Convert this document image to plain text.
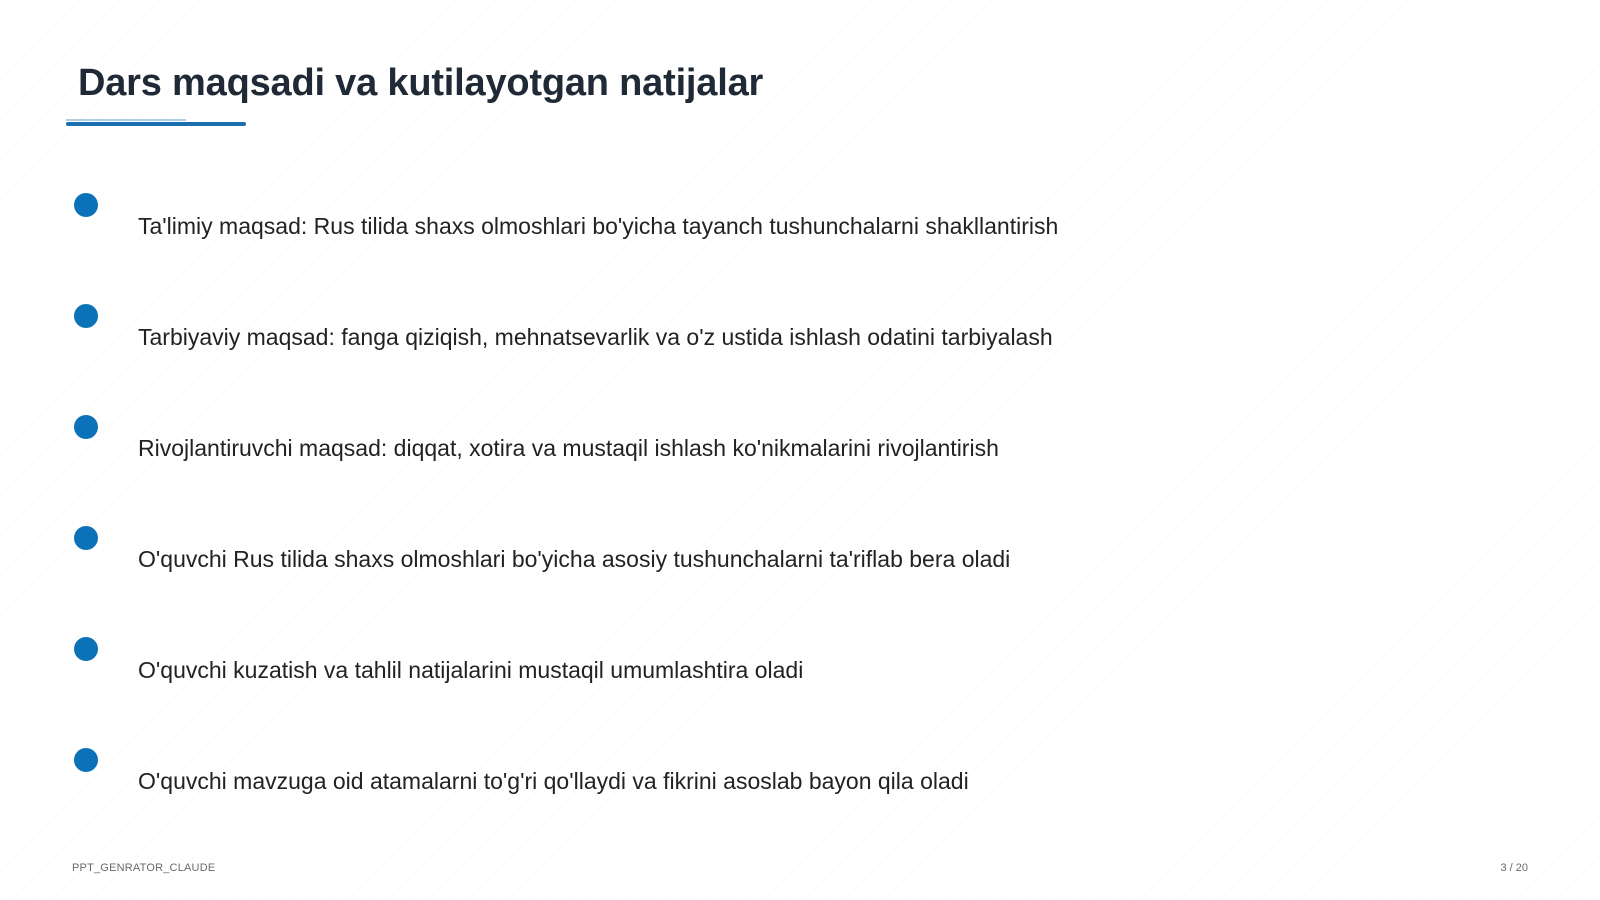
Dars maqsadi va kutilayotgan natijalar
Ta'limiy maqsad: Rus tilida shaxs olmoshlari bo'yicha tayanch tushunchalarni shakllantirish
Tarbiyaviy maqsad: fanga qiziqish, mehnatsevarlik va o'z ustida ishlash odatini tarbiyalash
Rivojlantiruvchi maqsad: diqqat, xotira va mustaqil ishlash ko'nikmalarini rivojlantirish
O'quvchi Rus tilida shaxs olmoshlari bo'yicha asosiy tushunchalarni ta'riflab bera oladi
O'quvchi kuzatish va tahlil natijalarini mustaqil umumlashtira oladi
O'quvchi mavzuga oid atamalarni to'g'ri qo'llaydi va fikrini asoslab bayon qila oladi
PPT_GENRATOR_CLAUDE	3 / 20
